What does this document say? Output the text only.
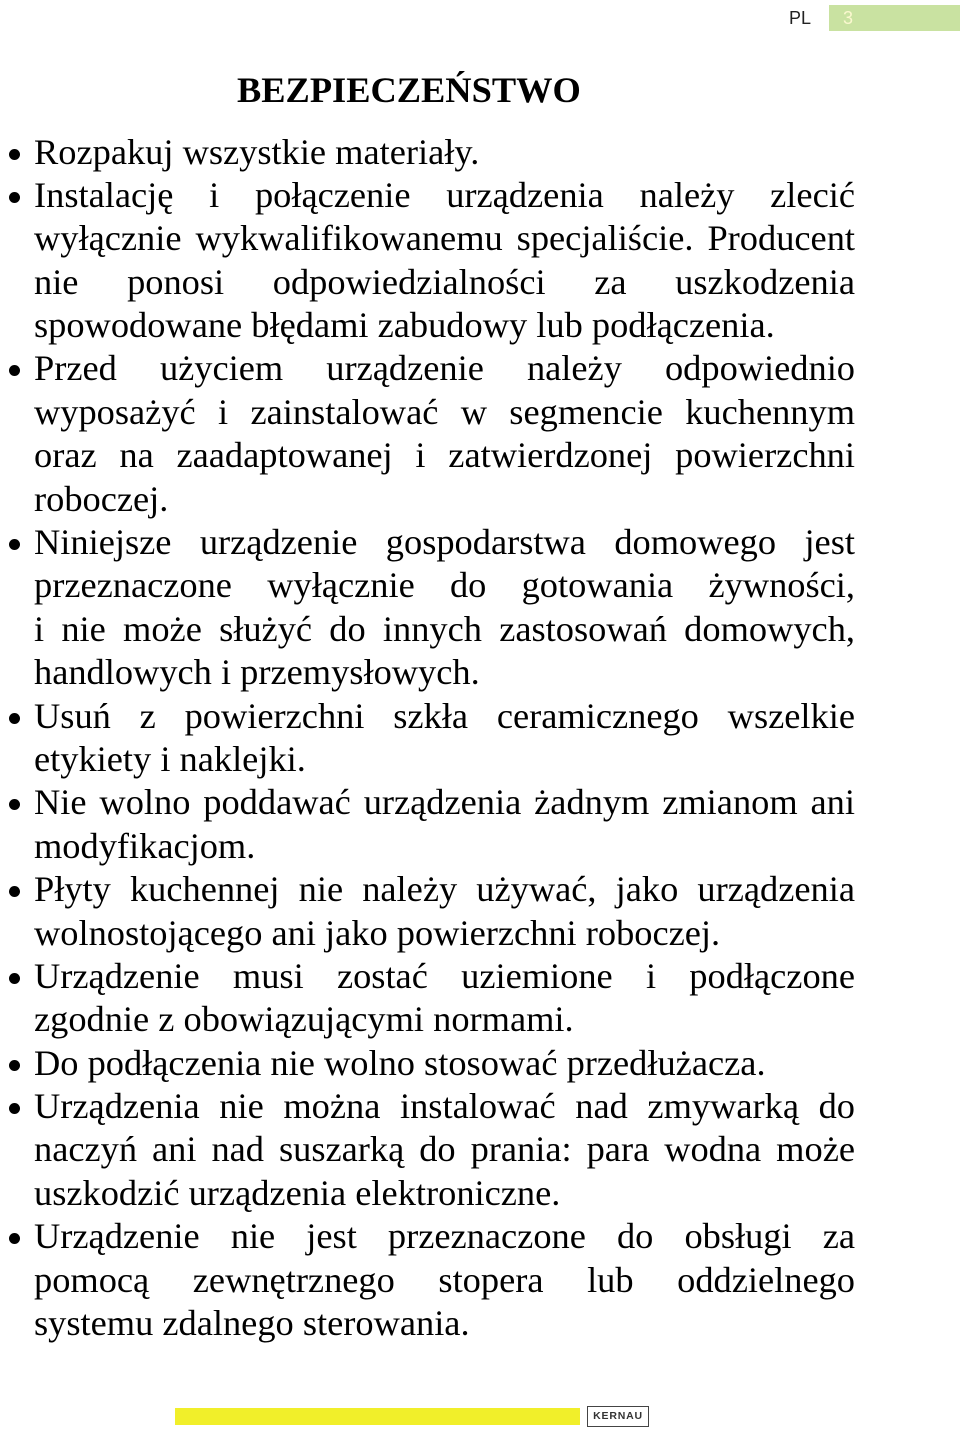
PL 3
BEZPIECZEŃSTWO
Rozpakuj wszystkie materiały.
Instalację i połączenie urządzenia należy zlecić
wyłącznie wykwalifikowanemu specjaliście. Producent
nie ponosi odpowiedzialności za uszkodzenia
spowodowane błędami zabudowy lub podłączenia.
Przed użyciem urządzenie należy odpowiednio
wyposażyć i zainstalować w segmencie kuchennym
oraz na zaadaptowanej i zatwierdzonej powierzchni
roboczej.
Niniejsze urządzenie gospodarstwa domowego jest
przeznaczone wyłącznie do gotowania żywności,
i nie może służyć do innych zastosowań domowych,
handlowych i przemysłowych.
Usuń z powierzchni szkła ceramicznego wszelkie
etykiety i naklejki.
Nie wolno poddawać urządzenia żadnym zmianom ani
modyfikacjom.
Płyty kuchennej nie należy używać, jako urządzenia
wolnostojącego ani jako powierzchni roboczej.
Urządzenie musi zostać uziemione i podłączone
zgodnie z obowiązującymi normami.
Do podłączenia nie wolno stosować przedłużacza.
Urządzenia nie można instalować nad zmywarką do
naczyń ani nad suszarką do prania: para wodna może
uszkodzić urządzenia elektroniczne.
Urządzenie nie jest przeznaczone do obsługi za
pomocą zewnętrznego stopera lub oddzielnego
systemu zdalnego sterowania.
KERNAU
